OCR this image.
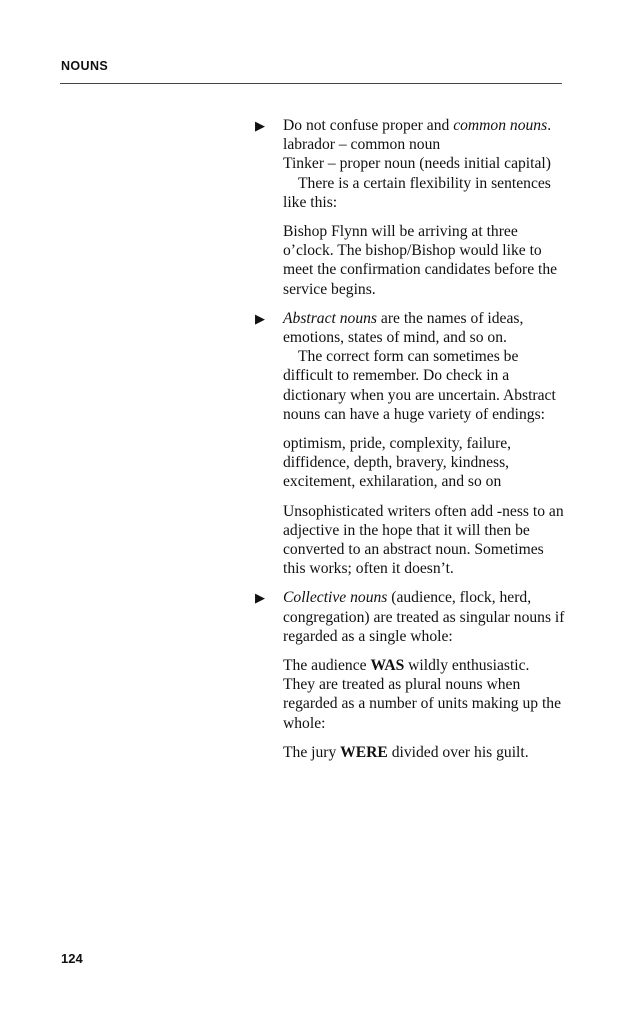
NOUNS
▶ Do not confuse proper and common nouns.

labrador – common noun

Tinker – proper noun (needs initial capital)

There is a certain flexibility in sentences like this:

Bishop Flynn will be arriving at three o’clock. The bishop/Bishop would like to meet the confirmation candidates before the service begins.

▶ Abstract nouns are the names of ideas, emotions, states of mind, and so on.

The correct form can sometimes be difficult to remember. Do check in a dictionary when you are uncertain. Abstract nouns can have a huge variety of endings:

optimism, pride, complexity, failure, diffidence, depth, bravery, kindness, excitement, exhilaration, and so on

Unsophisticated writers often add -ness to an adjective in the hope that it will then be converted to an abstract noun. Sometimes this works; often it doesn’t.

▶ Collective nouns (audience, flock, herd, congregation) are treated as singular nouns if regarded as a single whole:

The audience WAS wildly enthusiastic.

They are treated as plural nouns when regarded as a number of units making up the whole:

The jury WERE divided over his guilt.

124
